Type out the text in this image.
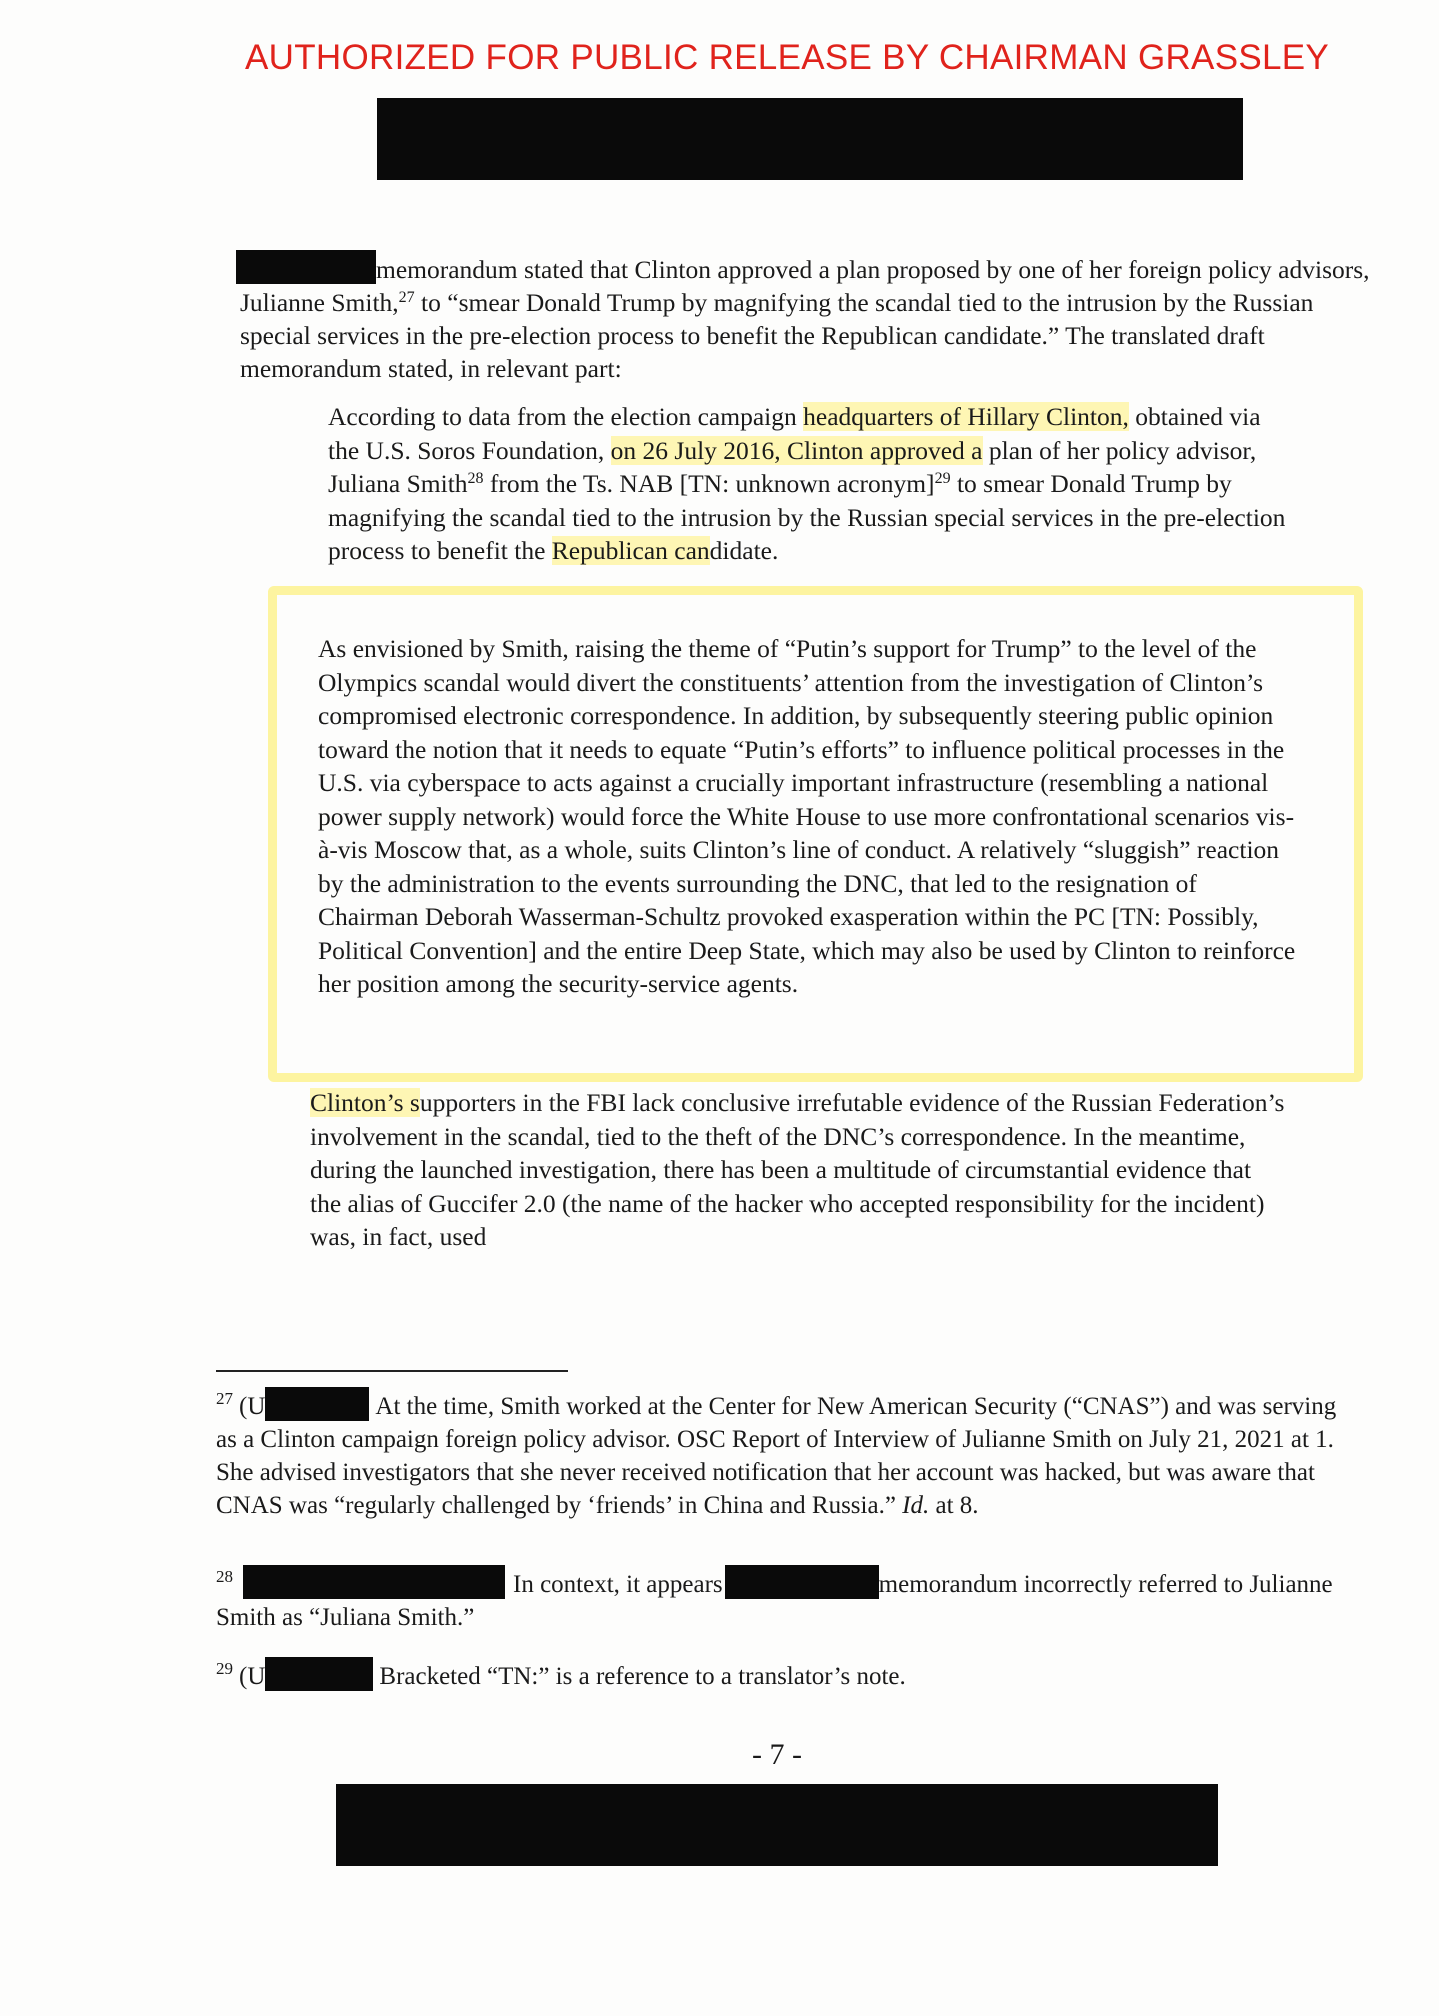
AUTHORIZED FOR PUBLIC RELEASE BY CHAIRMAN GRASSLEY

memorandum stated that Clinton approved a plan proposed by one of her foreign policy advisors, Julianne Smith,$^{27}$ to “smear Donald Trump by magnifying the scandal tied to the intrusion by the Russian special services in the pre-election process to benefit the Republican candidate.” The translated draft memorandum stated, in relevant part:

According to data from the election campaign headquarters of Hillary Clinton, obtained via the U.S. Soros Foundation, on 26 July 2016, Clinton approved a plan of her policy advisor, Juliana Smith$^{28}$ from the Ts. NAB [TN: unknown acronym]$^{29}$ to smear Donald Trump by magnifying the scandal tied to the intrusion by the Russian special services in the pre-election process to benefit the Republican candidate.

As envisioned by Smith, raising the theme of “Putin’s support for Trump” to the level of the Olympics scandal would divert the constituents’ attention from the investigation of Clinton’s compromised electronic correspondence. In addition, by subsequently steering public opinion toward the notion that it needs to equate “Putin’s efforts” to influence political processes in the U.S. via cyberspace to acts against a crucially important infrastructure (resembling a national power supply network) would force the White House to use more confrontational scenarios vis-à-vis Moscow that, as a whole, suits Clinton’s line of conduct. A relatively “sluggish” reaction by the administration to the events surrounding the DNC, that led to the resignation of Chairman Deborah Wasserman-Schultz provoked exasperation within the PC [TN: Possibly, Political Convention] and the entire Deep State, which may also be used by Clinton to reinforce her position among the security-service agents.

Clinton’s supporters in the FBI lack conclusive irrefutable evidence of the Russian Federation’s involvement in the scandal, tied to the theft of the DNC’s correspondence. In the meantime, during the launched investigation, there has been a multitude of circumstantial evidence that the alias of Guccifer 2.0 (the name of the hacker who accepted responsibility for the incident) was, in fact, used

$^{27}$ (U	At the time, Smith worked at the Center for New American Security (“CNAS”) and was serving as a Clinton campaign foreign policy advisor. OSC Report of Interview of Julianne Smith on July 21, 2021 at 1. She advised investigators that she never received notification that her account was hacked, but was aware that CNAS was “regularly challenged by ‘friends’ in China and Russia.” Id. at 8.

$^{28}$	In context, it appears	memorandum incorrectly referred to Julianne Smith as “Juliana Smith.”

$^{29}$ (U	Bracketed “TN:” is a reference to a translator’s note.

- 7 -
